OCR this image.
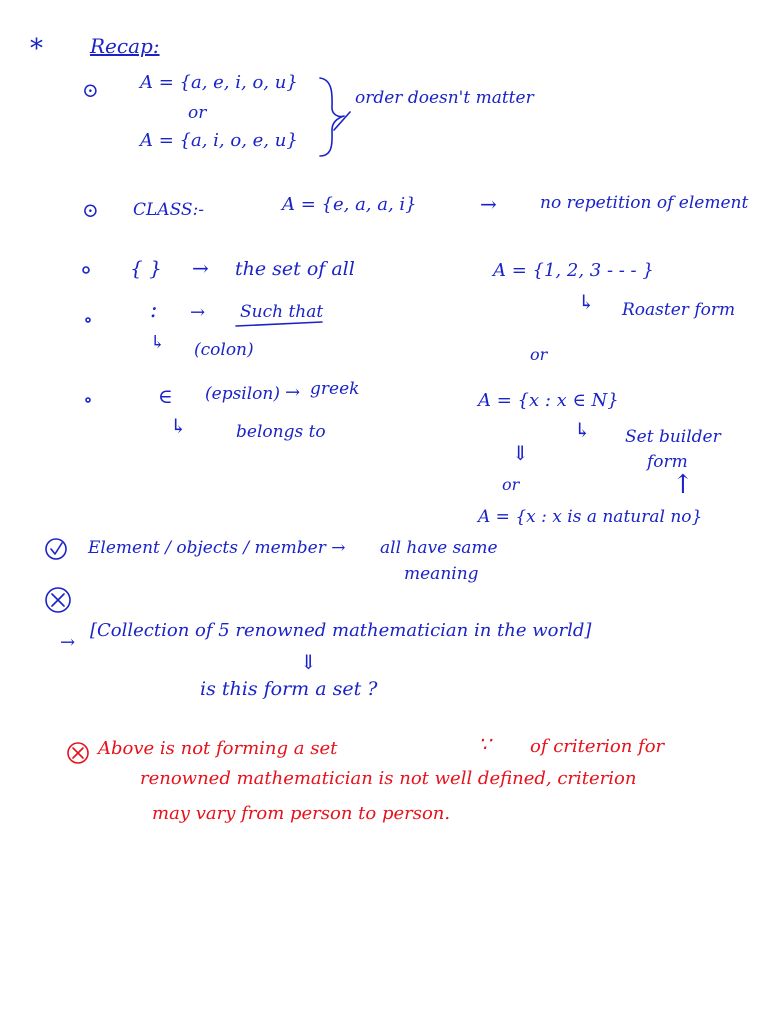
* Recap:
⊙ A = {a, e, i, o, u}
or
A = {a, i, o, e, u}
order doesn't matter
⊙ CLASS:-	A = {e, a, a, i}	→	no repetition of element
{ } → the set of all
: → Such that
↳ (colon)
∈ (epsilon) → greek
↳	belongs to
A = {1, 2, 3 - - - }
↳ Roaster form
or
A = {x : x ∈ N}
↳ Set builder
form
⇓
or	↑
A = {x : x is a natural no}
Element / objects / member → all have same
meaning
→
[Collection of 5 renowned mathematician in the world]
⇓
is this form a set ?
Above is not forming a set	∵ of criterion for
renowned mathematician is not well defined, criterion
may vary from person to person.
